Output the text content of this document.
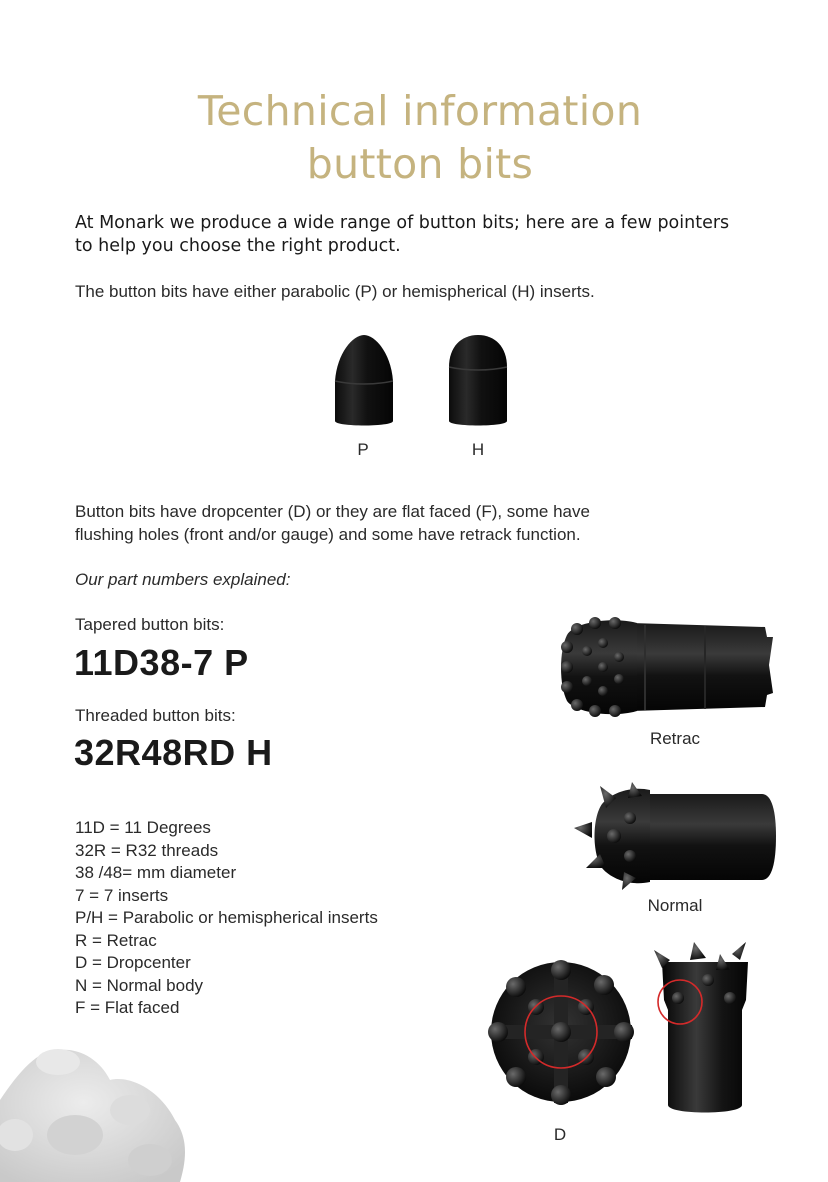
Technical information
button bits
At Monark we produce a wide range of button bits; here are a few pointers to help you choose the right product.
The button bits have either parabolic (P) or hemispherical (H) inserts.
P	H
Button bits have dropcenter (D) or they are flat faced (F), some have
flushing holes (front and/or gauge) and some have retrack function.
Our part numbers explained:
Tapered button bits:
11D38-7 P
Threaded button bits:
32R48RD H
11D = 11 Degrees
32R = R32 threads
38 /48= mm diameter
7 = 7 inserts
P/H = Parabolic or hemispherical inserts
R = Retrac
D = Dropcenter
N = Normal body
F = Flat faced
Retrac
Normal
D
